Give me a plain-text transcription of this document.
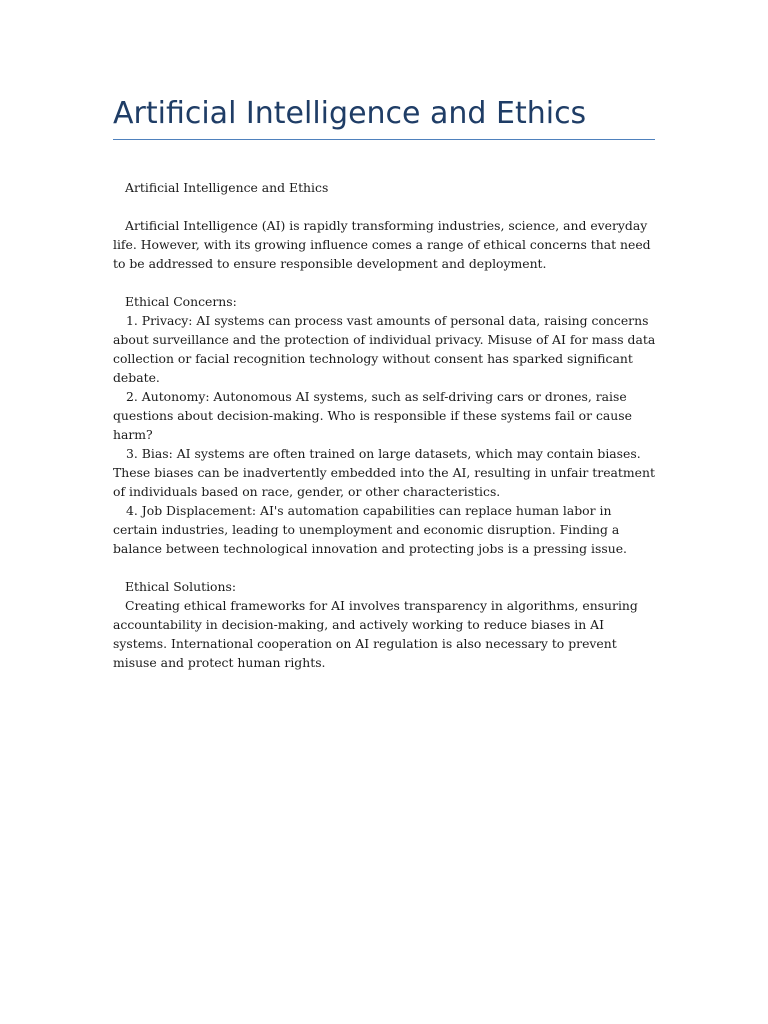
Artificial Intelligence and Ethics

Artificial Intelligence and Ethics

Artificial Intelligence (AI) is rapidly transforming industries, science, and everyday life. However, with its growing influence comes a range of ethical concerns that need to be addressed to ensure responsible development and deployment.

Ethical Concerns:

1. Privacy: AI systems can process vast amounts of personal data, raising concerns about surveillance and the protection of individual privacy. Misuse of AI for mass data collection or facial recognition technology without consent has sparked significant debate.

2. Autonomy: Autonomous AI systems, such as self-driving cars or drones, raise questions about decision-making. Who is responsible if these systems fail or cause harm?

3. Bias: AI systems are often trained on large datasets, which may contain biases. These biases can be inadvertently embedded into the AI, resulting in unfair treatment of individuals based on race, gender, or other characteristics.

4. Job Displacement: AI's automation capabilities can replace human labor in certain industries, leading to unemployment and economic disruption. Finding a balance between technological innovation and protecting jobs is a pressing issue.

Ethical Solutions:

Creating ethical frameworks for AI involves transparency in algorithms, ensuring accountability in decision-making, and actively working to reduce biases in AI systems. International cooperation on AI regulation is also necessary to prevent misuse and protect human rights.
